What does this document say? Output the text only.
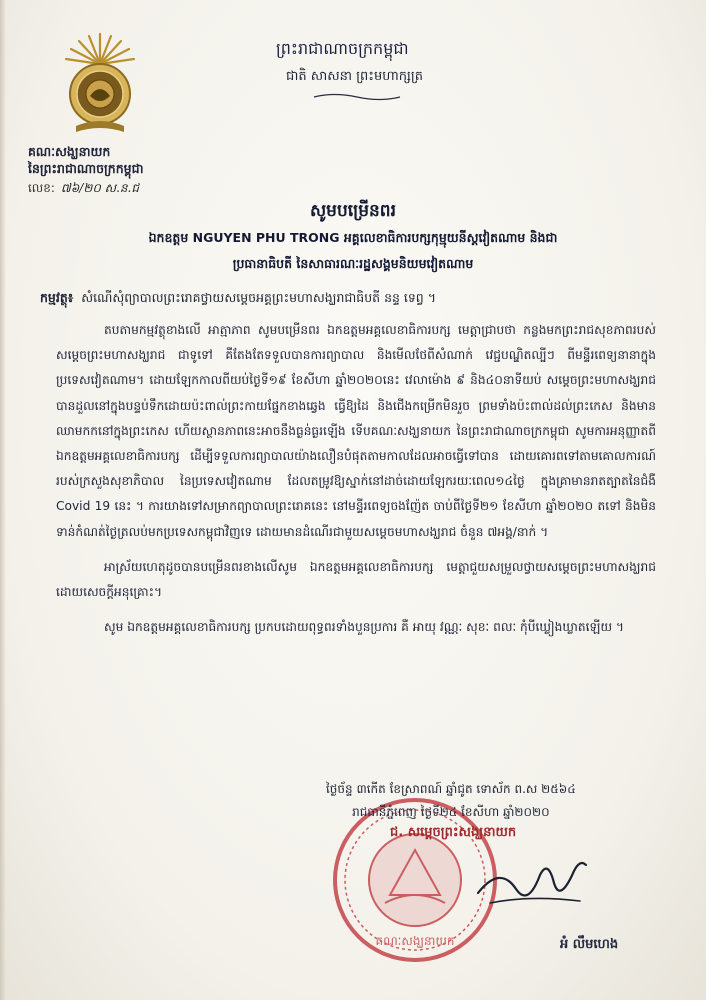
ព្រះរាជាណាចក្រកម្ពុជា
ជាតិ សាសនា ព្រះមហាក្សត្រ
គណៈសង្ឃនាយក
នៃព្រះរាជាណាចក្រកម្ពុជា
លេខ: ៧៦/២០ ស.ន.ជ
សូមបម្រើនពរ
ឯកឧត្តម NGUYEN PHU TRONG អគ្គលេខាធិការបក្សកុម្មុយនីស្តវៀតណាម និងជា
ប្រធានាធិបតី នៃសាធារណៈរដ្ឋសង្គមនិយមវៀតណាម
កម្មវត្ថុ៖ សំណើសុំព្យាបាលព្រះរោគថ្វាយសម្ដេចអគ្គព្រះមហាសង្ឃរាជាធិបតី នន្ទ ទេព្វ ។

តបតាមកម្មវត្ថុខាងលើ អាត្មាភាព សូមបម្រើនពរ ឯកឧត្តមអគ្គលេខាធិការបក្ស មេត្តាជ្រាបថា កន្លងមកព្រះរាជសុខភាពរបស់សម្ដេចព្រះមហាសង្ឃរាជ ជាទូទៅ គឺតែងតែទទួលបានការព្យាបាល និងមើលថែពីសំណាក់ វេជ្ជបណ្ឌិតល្បីៗ ពីមន្ទីរពេទ្យនានាក្នុងប្រទេសវៀតណាម។ ដោយឡែកកាលពីយប់ថ្ងៃទី១៩ ខែសីហា ឆ្នាំ២០២០នេះ វេលាម៉ោង ៩ និង៤០នាទីយប់ សម្ដេចព្រះមហាសង្ឃរាជ បានដួលនៅក្នុងបន្ទប់ទឹកដោយប៉ះពាល់ព្រះកាយផ្នែកខាងឆ្វេង ធ្វើឱ្យដៃ និងជើងកម្រើកមិនរួច ព្រមទាំងប៉ះពាល់ដល់ព្រះកេស និងមានឈាមកកនៅក្នុងព្រះកេស ហើយស្ថានភាពនេះអាចនឹងធ្ងន់ធ្ងរឡើង ទើបគណៈសង្ឃនាយក នៃព្រះរាជាណាចក្រកម្ពុជា សូមការអនុញ្ញាតពី ឯកឧត្តមអគ្គលេខាធិការបក្ស ដើម្បីទទួលការព្យាបាលយ៉ាងលឿនបំផុតតាមកាលដែលអាចធ្វើទៅបាន ដោយគោរពទៅតាមគោលការណ៍ របស់ក្រសួងសុខាភិបាល នៃប្រទេសវៀតណាម ដែលតម្រូវឱ្យស្នាក់នៅដាច់ដោយឡែករយៈពេល១៤ថ្ងៃ ក្នុងគ្រាមានរាតត្បាតនៃជំងឺ Covid 19 នេះ ។ ការយាងទៅសម្រាកព្យាបាលព្រះរោគនេះ នៅមន្ទីរពេទ្យចងញ៉ែត ចាប់ពីថ្ងៃទី២១ ខែសីហា ឆ្នាំ២០២០ តទៅ និងមិនទាន់កំណត់ថ្ងៃត្រលប់មកប្រទេសកម្ពុជាវិញទេ ដោយមានដំណើរជាមួយសម្ដេចមហាសង្ឃរាជ ចំនួន ៧អង្គ/នាក់ ។

អាស្រ័យហេតុដូចបានបម្រើនពរខាងលើសូម ឯកឧត្តមអគ្គលេខាធិការបក្ស មេត្តាជួយសម្រួលថ្វាយសម្ដេចព្រះមហាសង្ឃរាជ ដោយសេចក្ដីអនុគ្រោះ។

សូម ឯកឧត្តមអគ្គលេខាធិការបក្ស ប្រកបដោយពុទ្ធពរទាំងបួនប្រការ គឺ អាយុ វណ្ណៈ សុខៈ ពលៈ កុំបីឃ្លៀងឃ្លាតឡើយ ។

គណៈសង្ឃនាយក
ថ្ងៃច័ន្ទ ៣កើត ខែស្រាពណ៍ ឆ្នាំជូត ទោស័ក ព.ស ២៥៦៤
រាជធានីភ្នំពេញ ថ្ងៃទី២៤ ខែសីហា ឆ្នាំ២០២០
ជ. សម្ដេចព្រះសង្ឃនាយក
អំ លឹមហេង
